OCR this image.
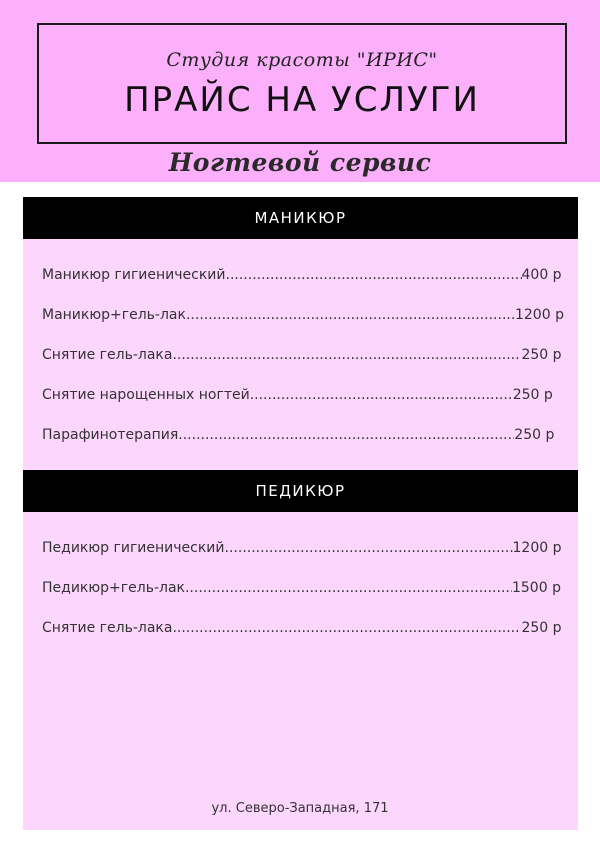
Студия красоты "ИРИС"
ПРАЙС НА УСЛУГИ
Ногтевой сервис
МАНИКЮР
Маникюр гигиенический .....	400 р
Маникюр+гель-лак .....	1200 р
Снятие гель-лака .....	250 р
Снятие нарощенных ногтей .....	250 р
Парафинотерапия .....	250 р
ПЕДИКЮР
Педикюр гигиенический .....	1200 р
Педикюр+гель-лак .....	1500 р
Снятие гель-лака .....	250 р
ул. Северо-Западная, 171
